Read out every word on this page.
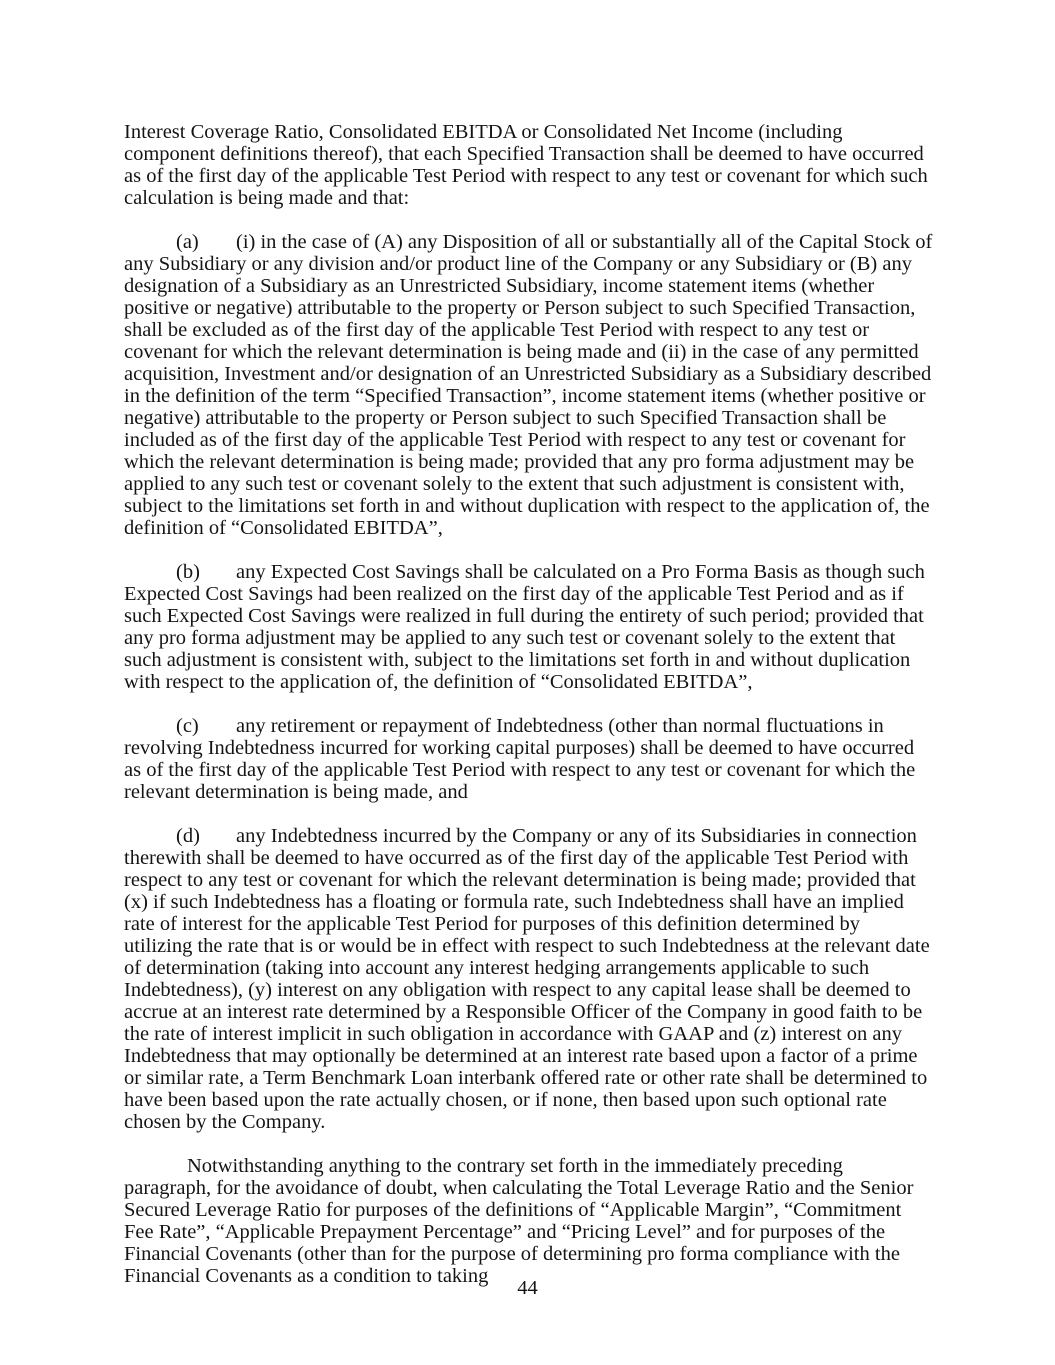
Interest Coverage Ratio, Consolidated EBITDA or Consolidated Net Income (including component definitions thereof), that each Specified Transaction shall be deemed to have occurred as of the first day of the applicable Test Period with respect to any test or covenant for which such calculation is being made and that:

(a) (i) in the case of (A) any Disposition of all or substantially all of the Capital Stock of any Subsidiary or any division and/or product line of the Company or any Subsidiary or (B) any designation of a Subsidiary as an Unrestricted Subsidiary, income statement items (whether positive or negative) attributable to the property or Person subject to such Specified Transaction, shall be excluded as of the first day of the applicable Test Period with respect to any test or covenant for which the relevant determination is being made and (ii) in the case of any permitted acquisition, Investment and/or designation of an Unrestricted Subsidiary as a Subsidiary described in the definition of the term “Specified Transaction”, income statement items (whether positive or negative) attributable to the property or Person subject to such Specified Transaction shall be included as of the first day of the applicable Test Period with respect to any test or covenant for which the relevant determination is being made; provided that any pro forma adjustment may be applied to any such test or covenant solely to the extent that such adjustment is consistent with, subject to the limitations set forth in and without duplication with respect to the application of, the definition of “Consolidated EBITDA”,

(b) any Expected Cost Savings shall be calculated on a Pro Forma Basis as though such Expected Cost Savings had been realized on the first day of the applicable Test Period and as if such Expected Cost Savings were realized in full during the entirety of such period; provided that any pro forma adjustment may be applied to any such test or covenant solely to the extent that such adjustment is consistent with, subject to the limitations set forth in and without duplication with respect to the application of, the definition of “Consolidated EBITDA”,

(c) any retirement or repayment of Indebtedness (other than normal fluctuations in revolving Indebtedness incurred for working capital purposes) shall be deemed to have occurred as of the first day of the applicable Test Period with respect to any test or covenant for which the relevant determination is being made, and

(d) any Indebtedness incurred by the Company or any of its Subsidiaries in connection therewith shall be deemed to have occurred as of the first day of the applicable Test Period with respect to any test or covenant for which the relevant determination is being made; provided that (x) if such Indebtedness has a floating or formula rate, such Indebtedness shall have an implied rate of interest for the applicable Test Period for purposes of this definition determined by utilizing the rate that is or would be in effect with respect to such Indebtedness at the relevant date of determination (taking into account any interest hedging arrangements applicable to such Indebtedness), (y) interest on any obligation with respect to any capital lease shall be deemed to accrue at an interest rate determined by a Responsible Officer of the Company in good faith to be the rate of interest implicit in such obligation in accordance with GAAP and (z) interest on any Indebtedness that may optionally be determined at an interest rate based upon a factor of a prime or similar rate, a Term Benchmark Loan interbank offered rate or other rate shall be determined to have been based upon the rate actually chosen, or if none, then based upon such optional rate chosen by the Company.

Notwithstanding anything to the contrary set forth in the immediately preceding paragraph, for the avoidance of doubt, when calculating the Total Leverage Ratio and the Senior Secured Leverage Ratio for purposes of the definitions of “Applicable Margin”, “Commitment Fee Rate”, “Applicable Prepayment Percentage” and “Pricing Level” and for purposes of the Financial Covenants (other than for the purpose of determining pro forma compliance with the Financial Covenants as a condition to taking

44
